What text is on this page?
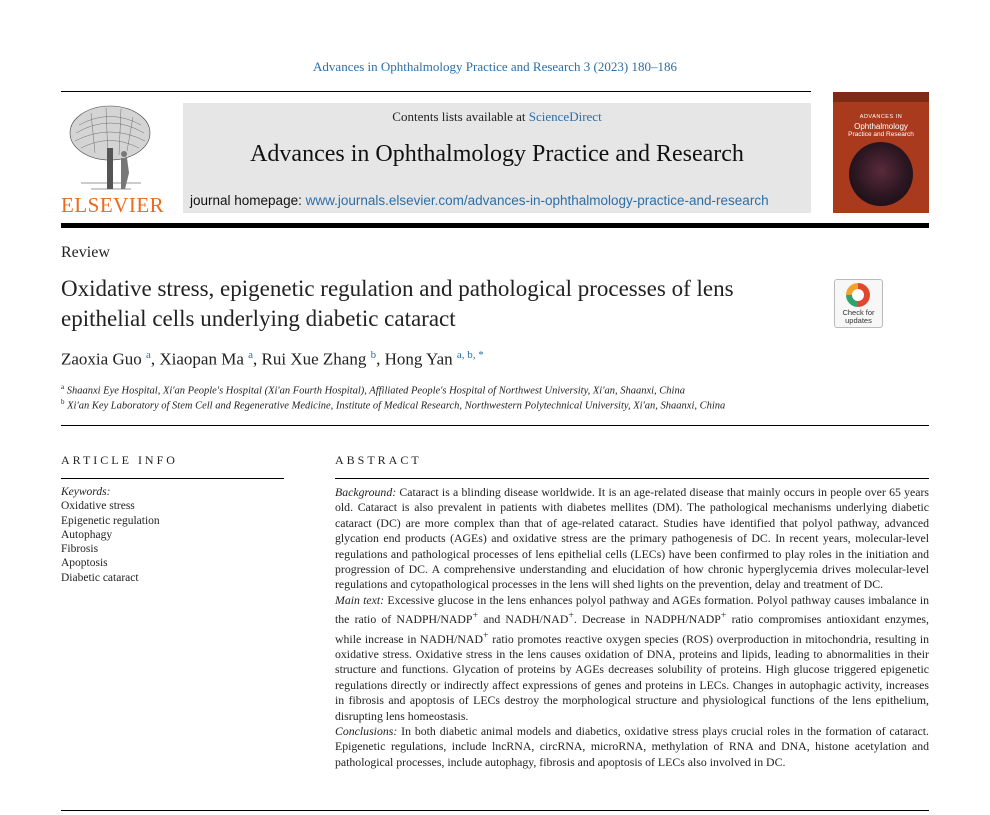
Advances in Ophthalmology Practice and Research 3 (2023) 180–186
ELSEVIER
Contents lists available at ScienceDirect
Advances in Ophthalmology Practice and Research
journal homepage: www.journals.elsevier.com/advances-in-ophthalmology-practice-and-research
ADVANCES IN
Ophthalmology
Practice and Research
Review
Oxidative stress, epigenetic regulation and pathological processes of lens epithelial cells underlying diabetic cataract	Check for
updates
Zaoxia Guo $^a$, Xiaopan Ma $^a$, Rui Xue Zhang $^b$, Hong Yan $^{a, b, *}$
$^a$ Shaanxi Eye Hospital, Xi'an People's Hospital (Xi'an Fourth Hospital), Affiliated People's Hospital of Northwest University, Xi'an, Shaanxi, China
$^b$ Xi'an Key Laboratory of Stem Cell and Regenerative Medicine, Institute of Medical Research, Northwestern Polytechnical University, Xi'an, Shaanxi, China
ARTICLE INFO	ABSTRACT
Keywords:
Oxidative stress
Epigenetic regulation
Autophagy
Fibrosis
Apoptosis
Diabetic cataract

Background: Cataract is a blinding disease worldwide. It is an age-related disease that mainly occurs in people over 65 years old. Cataract is also prevalent in patients with diabetes mellites (DM). The pathological mechanisms underlying diabetic cataract (DC) are more complex than that of age-related cataract. Studies have identified that polyol pathway, advanced glycation end products (AGEs) and oxidative stress are the primary pathogenesis of DC. In recent years, molecular-level regulations and pathological processes of lens epithelial cells (LECs) have been confirmed to play roles in the initiation and progression of DC. A comprehensive understanding and elucidation of how chronic hyperglycemia drives molecular-level regulations and cytopathological processes in the lens will shed lights on the prevention, delay and treatment of DC.

Main text: Excessive glucose in the lens enhances polyol pathway and AGEs formation. Polyol pathway causes imbalance in the ratio of NADPH/NADP+ and NADH/NAD+. Decrease in NADPH/NADP+ ratio compromises antioxidant enzymes, while increase in NADH/NAD+ ratio promotes reactive oxygen species (ROS) overproduction in mitochondria, resulting in oxidative stress. Oxidative stress in the lens causes oxidation of DNA, proteins and lipids, leading to abnormalities in their structure and functions. Glycation of proteins by AGEs decreases solubility of proteins. High glucose triggered epigenetic regulations directly or indirectly affect expressions of genes and proteins in LECs. Changes in autophagic activity, increases in fibrosis and apoptosis of LECs destroy the morphological structure and physiological functions of the lens epithelium, disrupting lens homeostasis.

Conclusions: In both diabetic animal models and diabetics, oxidative stress plays crucial roles in the formation of cataract. Epigenetic regulations, include lncRNA, circRNA, microRNA, methylation of RNA and DNA, histone acetylation and pathological processes, include autophagy, fibrosis and apoptosis of LECs also involved in DC.
